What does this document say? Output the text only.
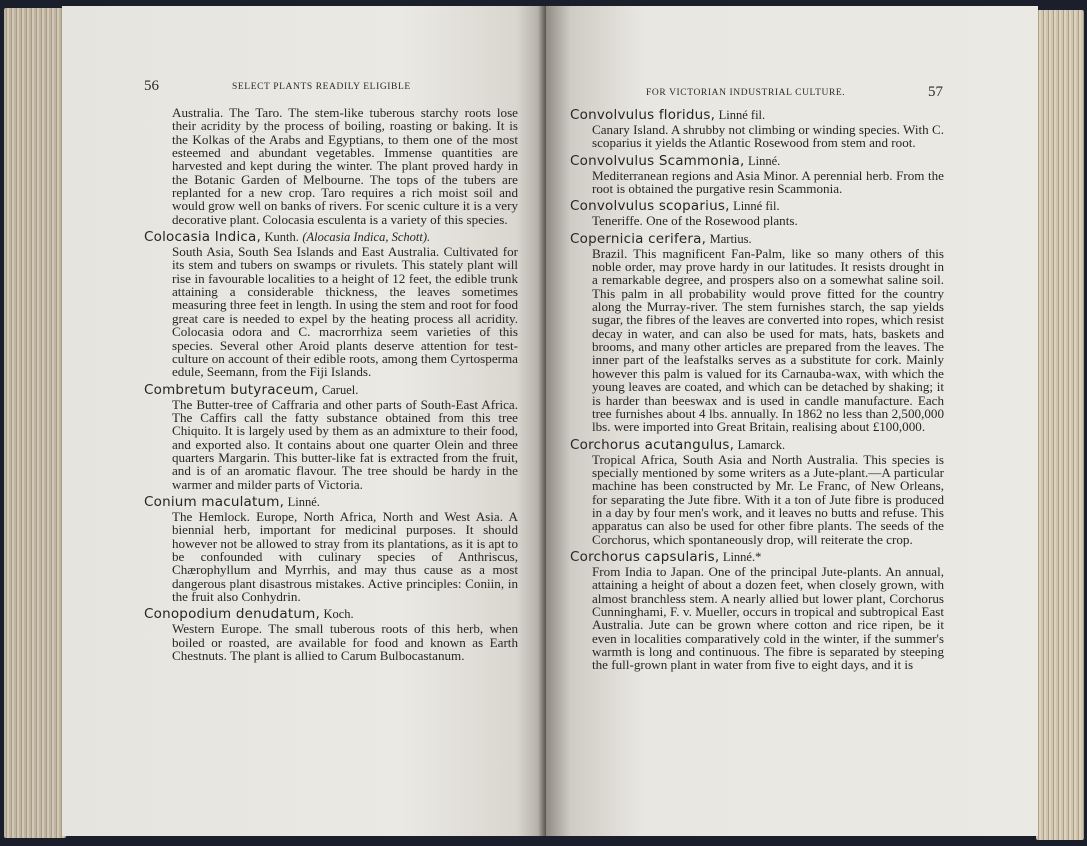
56	SELECT PLANTS READILY ELIGIBLE

Australia. The Taro. The stem-like tuberous starchy roots lose their acridity by the process of boiling, roasting or baking. It is the Kolkas of the Arabs and Egyptians, to them one of the most esteemed and abundant vegetables. Immense quantities are harvested and kept during the winter. The plant proved hardy in the Botanic Garden of Melbourne. The tops of the tubers are replanted for a new crop. Taro requires a rich moist soil and would grow well on banks of rivers. For scenic culture it is a very decorative plant. Colocasia esculenta is a variety of this species.

Colocasia Indica, Kunth. (Alocasia Indica, Schott).

South Asia, South Sea Islands and East Australia. Cultivated for its stem and tubers on swamps or rivulets. This stately plant will rise in favourable localities to a height of 12 feet, the edible trunk attaining a considerable thickness, the leaves sometimes measuring three feet in length. In using the stem and root for food great care is needed to expel by the heating process all acridity. Colocasia odora and C. macrorrhiza seem varieties of this species. Several other Aroid plants deserve attention for test-culture on account of their edible roots, among them Cyrtosperma edule, Seemann, from the Fiji Islands.

Combretum butyraceum, Caruel.

The Butter-tree of Caffraria and other parts of South-East Africa. The Caffirs call the fatty substance obtained from this tree Chiquito. It is largely used by them as an admixture to their food, and exported also. It contains about one quarter Olein and three quarters Margarin. This butter-like fat is extracted from the fruit, and is of an aromatic flavour. The tree should be hardy in the warmer and milder parts of Victoria.

Conium maculatum, Linné.

The Hemlock. Europe, North Africa, North and West Asia. A biennial herb, important for medicinal purposes. It should however not be allowed to stray from its plantations, as it is apt to be confounded with culinary species of Anthriscus, Chærophyllum and Myrrhis, and may thus cause as a most dangerous plant disastrous mistakes. Active principles: Coniin, in the fruit also Conhydrin.

Conopodium denudatum, Koch.

Western Europe. The small tuberous roots of this herb, when boiled or roasted, are available for food and known as Earth Chestnuts. The plant is allied to Carum Bulbocastanum.

FOR VICTORIAN INDUSTRIAL CULTURE.	57
Convolvulus floridus, Linné fil.

Canary Island. A shrubby not climbing or winding species. With C. scoparius it yields the Atlantic Rosewood from stem and root.

Convolvulus Scammonia, Linné.

Mediterranean regions and Asia Minor. A perennial herb. From the root is obtained the purgative resin Scammonia.

Convolvulus scoparius, Linné fil.

Teneriffe. One of the Rosewood plants.

Copernicia cerifera, Martius.

Brazil. This magnificent Fan-Palm, like so many others of this noble order, may prove hardy in our latitudes. It resists drought in a remarkable degree, and prospers also on a somewhat saline soil. This palm in all probability would prove fitted for the country along the Murray-river. The stem furnishes starch, the sap yields sugar, the fibres of the leaves are converted into ropes, which resist decay in water, and can also be used for mats, hats, baskets and brooms, and many other articles are prepared from the leaves. The inner part of the leafstalks serves as a substitute for cork. Mainly however this palm is valued for its Carnauba-wax, with which the young leaves are coated, and which can be detached by shaking; it is harder than beeswax and is used in candle manufacture. Each tree furnishes about 4 lbs. annually. In 1862 no less than 2,500,000 lbs. were imported into Great Britain, realising about £100,000.

Corchorus acutangulus, Lamarck.

Tropical Africa, South Asia and North Australia. This species is specially mentioned by some writers as a Jute-plant.—A particular machine has been constructed by Mr. Le Franc, of New Orleans, for separating the Jute fibre. With it a ton of Jute fibre is produced in a day by four men's work, and it leaves no butts and refuse. This apparatus can also be used for other fibre plants. The seeds of the Corchorus, which spontaneously drop, will reiterate the crop.

Corchorus capsularis, Linné.*

From India to Japan. One of the principal Jute-plants. An annual, attaining a height of about a dozen feet, when closely grown, with almost branchless stem. A nearly allied but lower plant, Corchorus Cunninghami, F. v. Mueller, occurs in tropical and subtropical East Australia. Jute can be grown where cotton and rice ripen, be it even in localities comparatively cold in the winter, if the summer's warmth is long and continuous. The fibre is separated by steeping the full-grown plant in water from five to eight days, and it is
